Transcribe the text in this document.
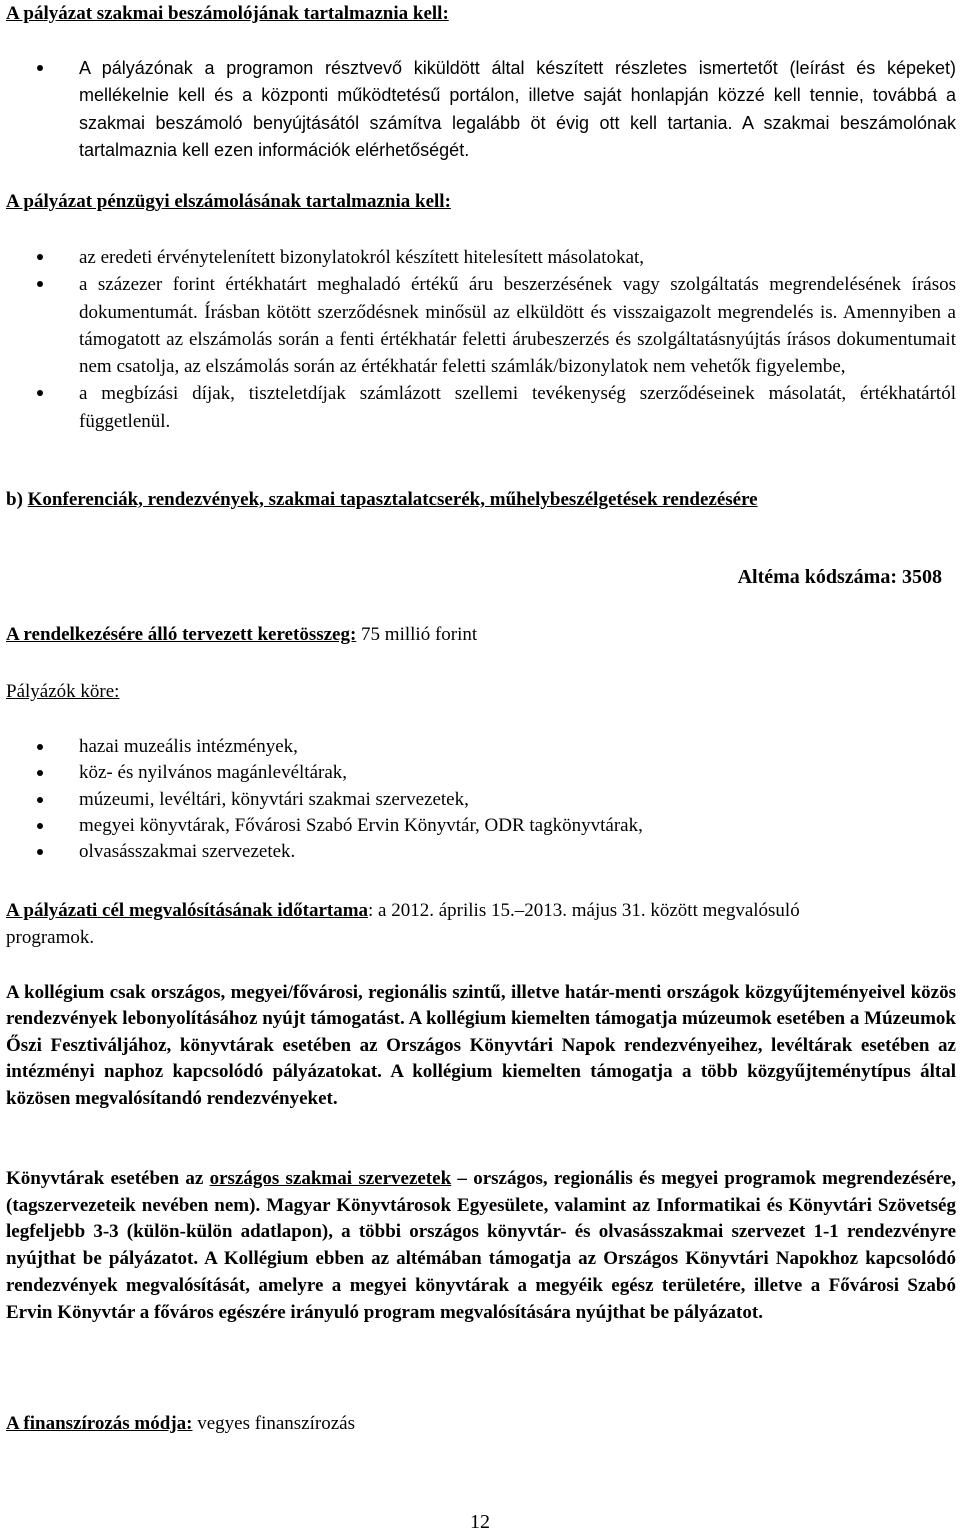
A pályázat szakmai beszámolójának tartalmaznia kell:

A pályázónak a programon résztvevő kiküldött által készített részletes ismertetőt (leírást és képeket) mellékelnie kell és a központi működtetésű portálon, illetve saját honlapján közzé kell tennie, továbbá a szakmai beszámoló benyújtásától számítva legalább öt évig ott kell tartania. A szakmai beszámolónak tartalmaznia kell ezen információk elérhetőségét.

A pályázat pénzügyi elszámolásának tartalmaznia kell:

az eredeti érvénytelenített bizonylatokról készített hitelesített másolatokat,
a százezer forint értékhatárt meghaladó értékű áru beszerzésének vagy szolgáltatás megrendelésének írásos dokumentumát. Írásban kötött szerződésnek minősül az elküldött és visszaigazolt megrendelés is. Amennyiben a támogatott az elszámolás során a fenti értékhatár feletti árubeszerzés és szolgáltatásnyújtás írásos dokumentumait nem csatolja, az elszámolás során az értékhatár feletti számlák/bizonylatok nem vehetők figyelembe,
a megbízási díjak, tiszteletdíjak számlázott szellemi tevékenység szerződéseinek másolatát, értékhatártól függetlenül.

b) Konferenciák, rendezvények, szakmai tapasztalatcserék, műhelybeszélgetések rendezésére

Altéma kódszáma: 3508

A rendelkezésére álló tervezett keretösszeg: 75 millió forint

Pályázók köre:

hazai muzeális intézmények,
köz- és nyilvános magánlevéltárak,
múzeumi, levéltári, könyvtári szakmai szervezetek,
megyei könyvtárak, Fővárosi Szabó Ervin Könyvtár, ODR tagkönyvtárak,
olvasásszakmai szervezetek.

A pályázati cél megvalósításának időtartama: a 2012. április 15.–2013. május 31. között megvalósuló programok.

A kollégium csak országos, megyei/fővárosi, regionális szintű, illetve határ-menti országok közgyűjteményeivel közös rendezvények lebonyolításához nyújt támogatást. A kollégium kiemelten támogatja múzeumok esetében a Múzeumok Őszi Fesztiváljához, könyvtárak esetében az Országos Könyvtári Napok rendezvényeihez, levéltárak esetében az intézményi naphoz kapcsolódó pályázatokat. A kollégium kiemelten támogatja a több közgyűjteménytípus által közösen megvalósítandó rendezvényeket.

Könyvtárak esetében az országos szakmai szervezetek – országos, regionális és megyei programok megrendezésére, (tagszervezeteik nevében nem). Magyar Könyvtárosok Egyesülete, valamint az Informatikai és Könyvtári Szövetség legfeljebb 3-3 (külön-külön adatlapon), a többi országos könyvtár- és olvasásszakmai szervezet 1-1 rendezvényre nyújthat be pályázatot. A Kollégium ebben az altémában támogatja az Országos Könyvtári Napokhoz kapcsolódó rendezvények megvalósítását, amelyre a megyei könyvtárak a megyéik egész területére, illetve a Fővárosi Szabó Ervin Könyvtár a főváros egészére irányuló program megvalósítására nyújthat be pályázatot.

A finanszírozás módja: vegyes finanszírozás

12
